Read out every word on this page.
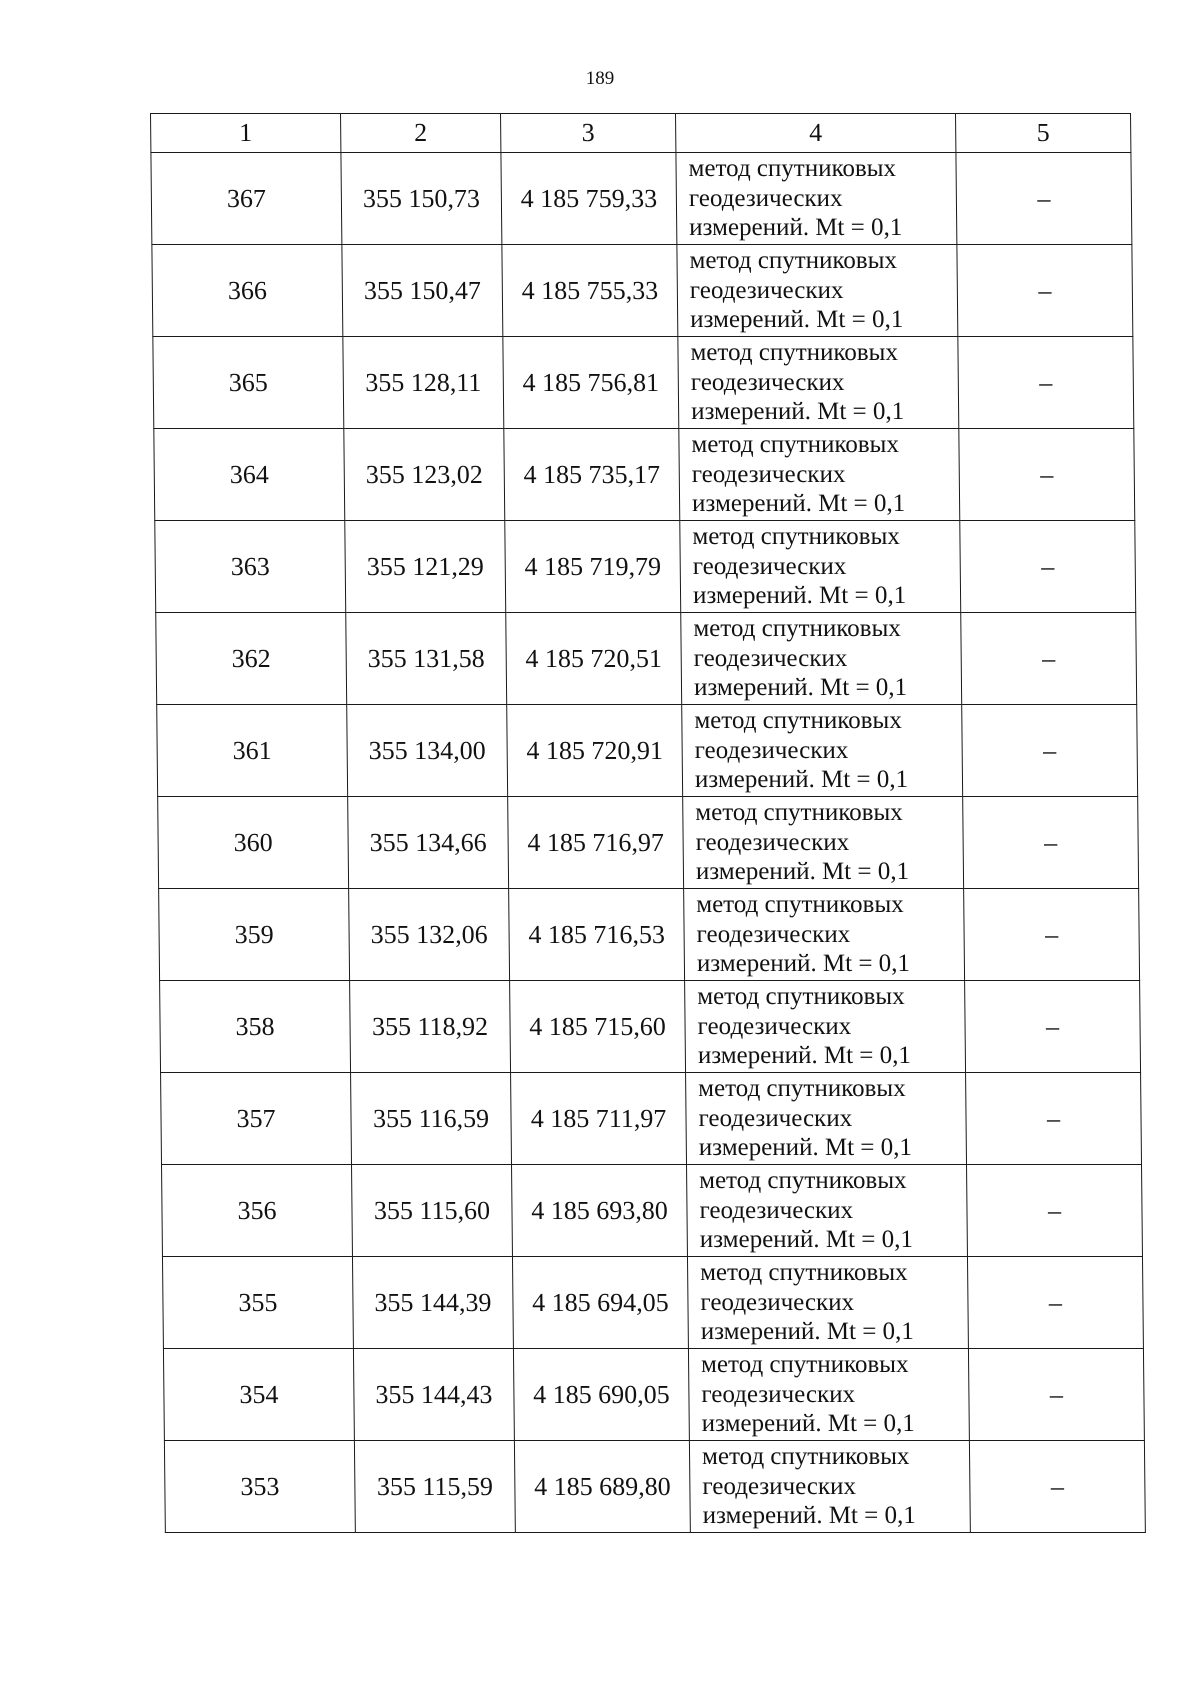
189
1	2	3	4	5
367	355 150,73	4 185 759,33	метод спутниковых геодезических измерений. Mt = 0,1	–
366	355 150,47	4 185 755,33	метод спутниковых геодезических измерений. Mt = 0,1	–
365	355 128,11	4 185 756,81	метод спутниковых геодезических измерений. Mt = 0,1	–
364	355 123,02	4 185 735,17	метод спутниковых геодезических измерений. Mt = 0,1	–
363	355 121,29	4 185 719,79	метод спутниковых геодезических измерений. Mt = 0,1	–
362	355 131,58	4 185 720,51	метод спутниковых геодезических измерений. Mt = 0,1	–
361	355 134,00	4 185 720,91	метод спутниковых геодезических измерений. Mt = 0,1	–
360	355 134,66	4 185 716,97	метод спутниковых геодезических измерений. Mt = 0,1	–
359	355 132,06	4 185 716,53	метод спутниковых геодезических измерений. Mt = 0,1	–
358	355 118,92	4 185 715,60	метод спутниковых геодезических измерений. Mt = 0,1	–
357	355 116,59	4 185 711,97	метод спутниковых геодезических измерений. Mt = 0,1	–
356	355 115,60	4 185 693,80	метод спутниковых геодезических измерений. Mt = 0,1	–
355	355 144,39	4 185 694,05	метод спутниковых геодезических измерений. Mt = 0,1	–
354	355 144,43	4 185 690,05	метод спутниковых геодезических измерений. Mt = 0,1	–
353	355 115,59	4 185 689,80	метод спутниковых геодезических измерений. Mt = 0,1	–
